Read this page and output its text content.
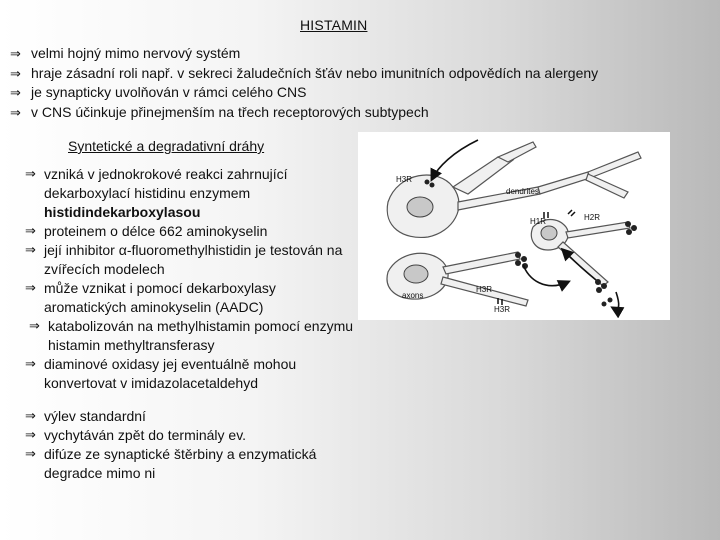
HISTAMIN
⇒ velmi hojný mimo nervový systém
⇒ hraje zásadní roli např. v sekreci žaludečních šťáv nebo imunitních odpovědích na alergeny
⇒ je synapticky uvolňován v rámci celého CNS
⇒ v CNS účinkuje přinejmenším na třech receptorových subtypech
Syntetické a degradativní dráhy
⇒ vzniká v jednokrokové reakci zahrnující dekarboxylací histidinu enzymem histidindekarboxylasou
⇒ proteinem o délce 662 aminokyselin
⇒ její inhibitor α-fluoromethylhistidin je testován na zvířecích modelech
⇒ může vznikat i pomocí dekarboxylasy aromatických aminokyselin (AADC)
⇒ katabolizován na methylhistamin pomocí enzymu histamin methyltransferasy
⇒ diaminové oxidasy jej eventuálně mohou konvertovat v imidazolacetaldehyd
⇒ výlev standardní
⇒ vychytáván zpět do terminály ev.
⇒ difúze ze synaptické štěrbiny a enzymatická degradce mimo ni
H3R
dendrites
H1R	H2R
H3R
axons
H3R
